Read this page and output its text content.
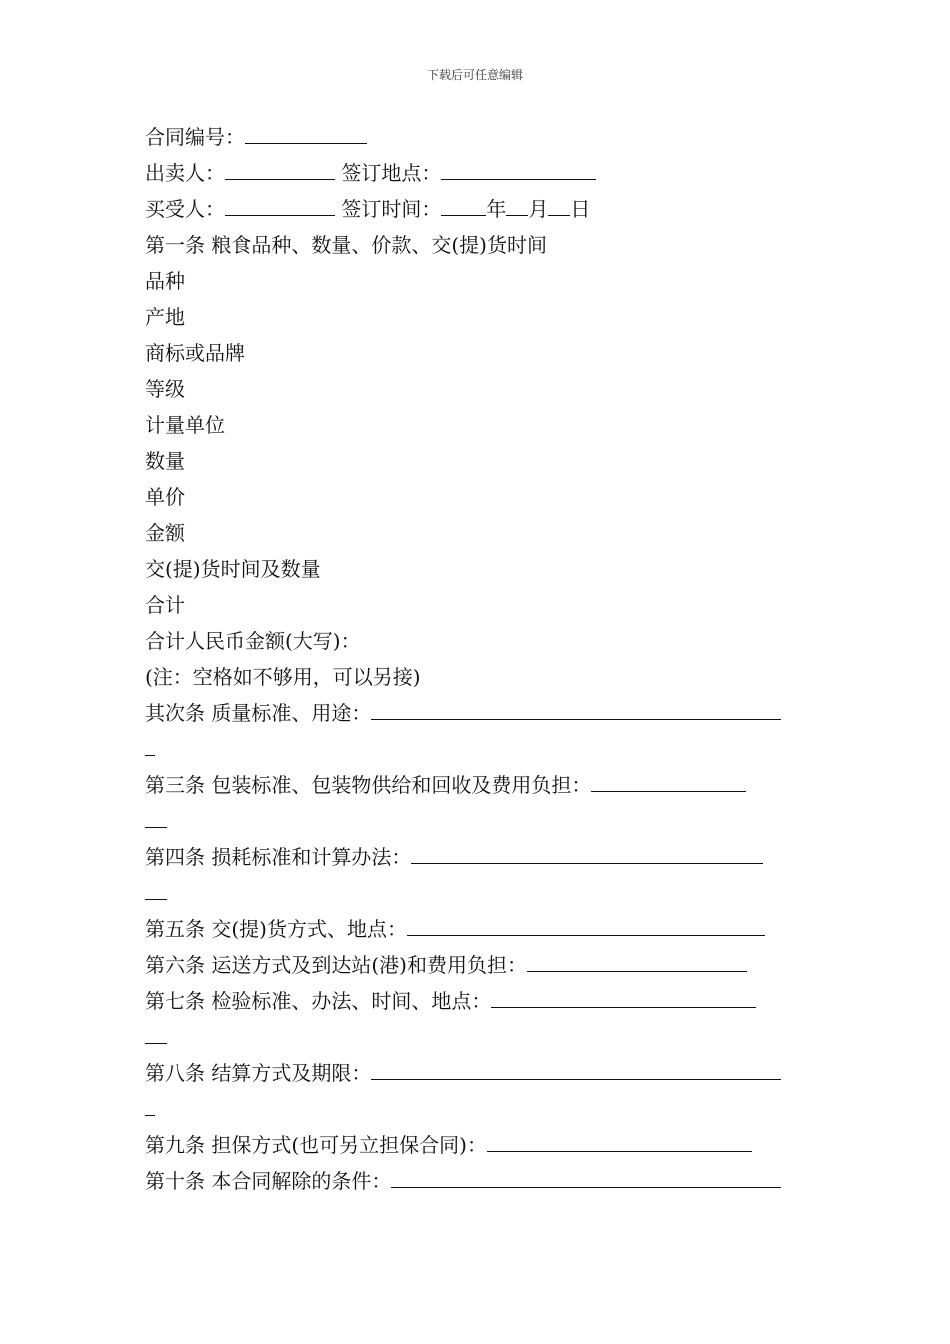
下载后可任意编辑
合同编号：
出卖人：	签订地点：
买受人：	签订时间： 年 月 日
第一条 粮食品种、数量、价款、交(提)货时间
品种
产地
商标或品牌
等级
计量单位
数量
单价
金额
交(提)货时间及数量
合计
合计人民币金额(大写)：
(注：空格如不够用，可以另接)
其次条 质量标准、用途：
第三条 包装标准、包装物供给和回收及费用负担：
第四条 损耗标准和计算办法：
第五条 交(提)货方式、地点：
第六条 运送方式及到达站(港)和费用负担：
第七条 检验标准、办法、时间、地点：
第八条 结算方式及期限：
第九条 担保方式(也可另立担保合同)：
第十条 本合同解除的条件：
